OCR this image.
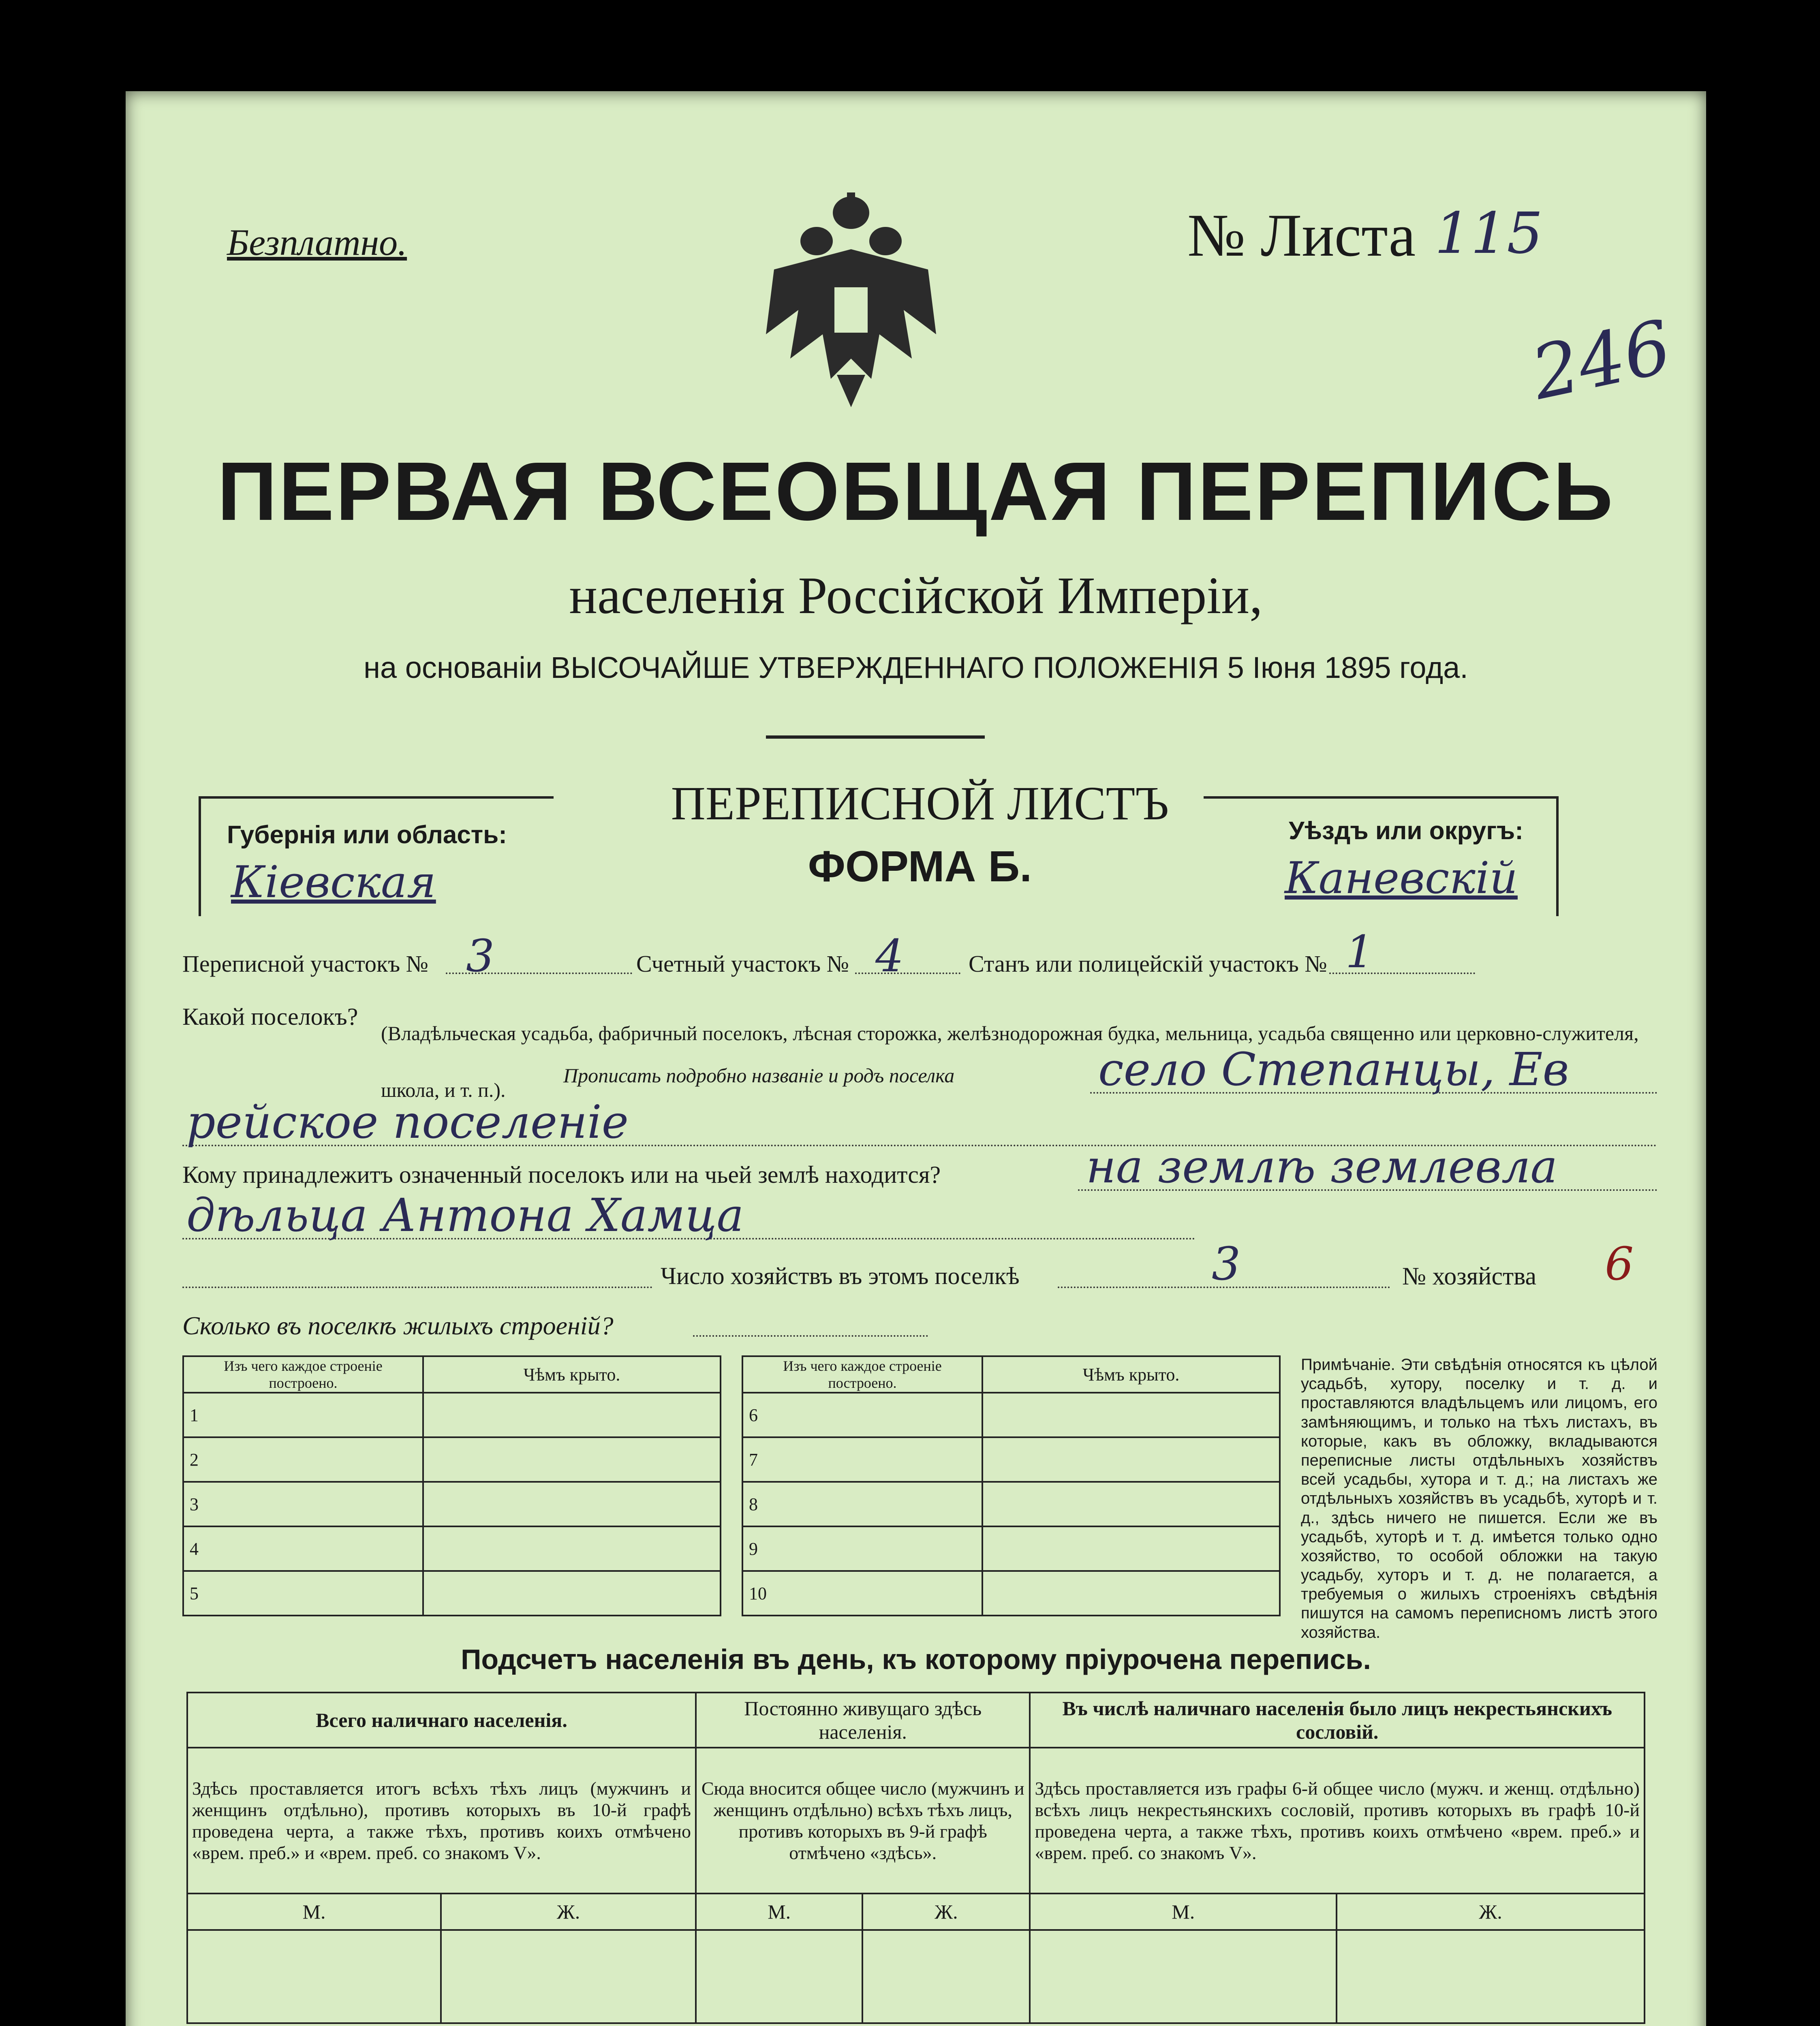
Безплатно.	№ Листа 115
246
ПЕРВАЯ ВСЕОБЩАЯ ПЕРЕПИСЬ
населенія Россійской Имперіи,
на основаніи ВЫСОЧАЙШЕ УТВЕРЖДЕННАГО ПОЛОЖЕНІЯ 5 Іюня 1895 года.
ПЕРЕПИСНОЙ ЛИСТЪ
ФОРМА Б.
Губернія или область:
Кіевская
Уѣздъ или округъ:
Каневскій
Переписной участокъ № 3	Счетный участокъ № 4	Станъ или полицейскій участокъ № 1
Какой поселокъ?
(Владѣльческая усадьба, фабричный поселокъ, лѣсная сторожка, желѣзнодорожная будка, мельница, усадьба священно или церковно-служителя, школа, и т. п.).
Прописать подробно названіе и родъ поселка	село Степанцы, Ев
рейское поселеніе
Кому принадлежитъ означенный поселокъ или на чьей землѣ находится?	на землѣ землевла
дѣльца Антона Хамца
Число хозяйствъ въ этомъ поселкѣ	3	№ хозяйства 6
Сколько въ поселкѣ жилыхъ строеній?
Изъ чего каждое строеніе построено.	Чѣмъ крыто.
1	
2	
3	
4	
5	
Изъ чего каждое строеніе построено.	Чѣмъ крыто.
6	
7	
8	
9	
10	
Примѣчаніе. Эти свѣдѣнія относятся къ цѣлой усадьбѣ, хутору, поселку и т. д. и проставляются владѣльцемъ или лицомъ, его замѣняющимъ, и только на тѣхъ листахъ, въ которые, какъ въ обложку, вкладываются переписные листы отдѣльныхъ хозяйствъ всей усадьбы, хутора и т. д.; на листахъ же отдѣльныхъ хозяйствъ въ усадьбѣ, хуторѣ и т. д., здѣсь ничего не пишется. Если же въ усадьбѣ, хуторѣ и т. д. имѣется только одно хозяйство, то особой обложки на такую усадьбу, хуторъ и т. д. не полагается, а требуемыя о жилыхъ строеніяхъ свѣдѣнія пишутся на самомъ переписномъ листѣ этого хозяйства.
Подсчетъ населенія въ день, къ которому пріурочена перепись.
Всего наличнаго населенія.		Постоянно живущаго здѣсь населенія.		Въ числѣ наличнаго населенія было лицъ некрестьянскихъ сословій.	
Здѣсь проставляется итогъ всѣхъ тѣхъ лицъ (мужчинъ и женщинъ отдѣльно), противъ которыхъ въ 10-й графѣ проведена черта, а также тѣхъ, противъ коихъ отмѣчено «врем. преб.» и «врем. преб. со знакомъ V».		Сюда вносится общее число (мужчинъ и женщинъ отдѣльно) всѣхъ тѣхъ лицъ, противъ которыхъ въ 9-й графѣ отмѣчено «здѣсь».		Здѣсь проставляется изъ графы 6-й общее число (мужч. и женщ. отдѣльно) всѣхъ лицъ некрестьянскихъ сословій, противъ которыхъ въ графѣ 10-й проведена черта, а также тѣхъ, противъ коихъ отмѣчено «врем. преб.» и «врем. преб. со знакомъ V».	
М.	Ж.	М.	Ж.	М.	Ж.
